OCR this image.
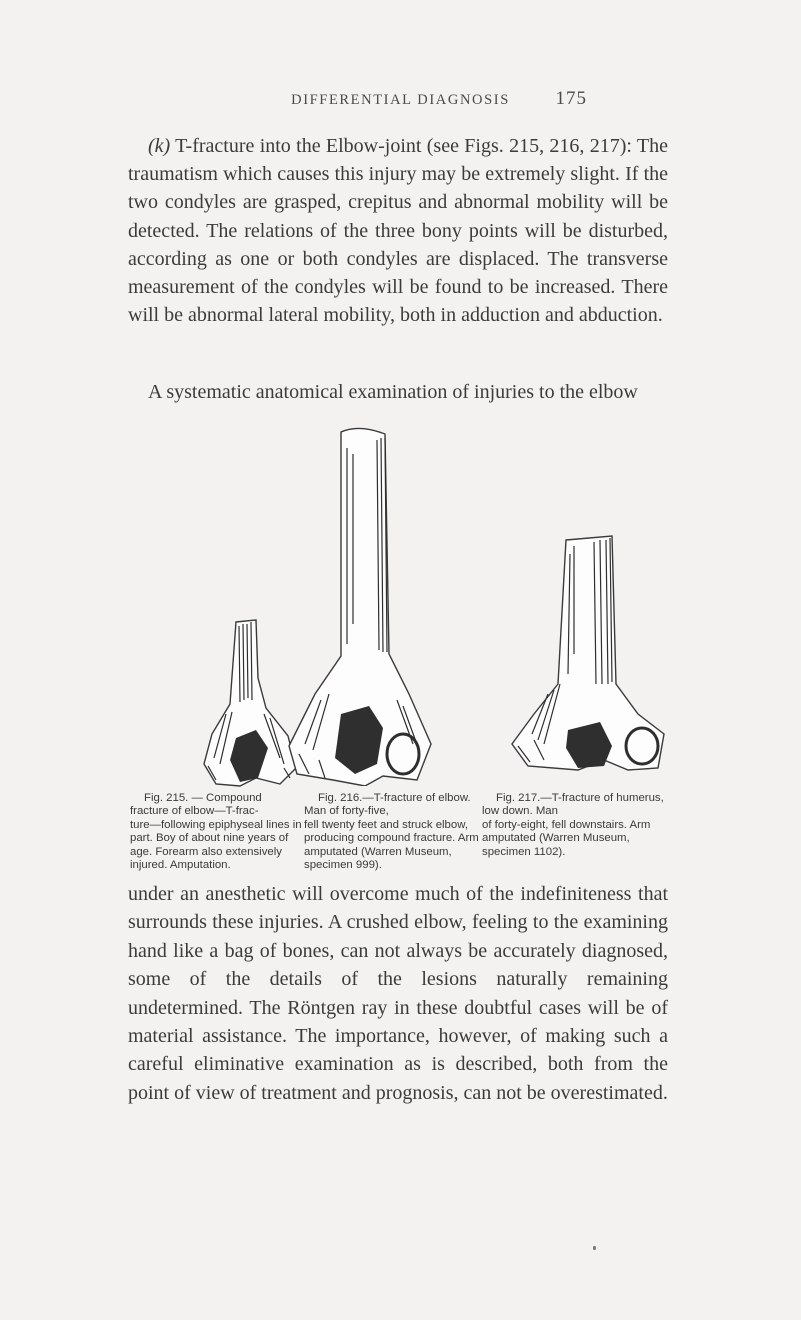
DIFFERENTIAL DIAGNOSIS	175

(k) T-fracture into the Elbow-joint (see Figs. 215, 216, 217): The traumatism which causes this injury may be extremely slight. If the two condyles are grasped, crepitus and abnormal mobility will be detected. The relations of the three bony points will be disturbed, according as one or both condyles are displaced. The transverse measurement of the condyles will be found to be increased. There will be abnormal lateral mobility, both in adduction and abduction.

A systematic anatomical examination of injuries to the elbow

Fig. 215. — Compound fracture of elbow—T-frac-
ture—following epiphyseal lines in part. Boy of about nine years of age. Forearm also extensively injured. Amputation.

Fig. 216.—T-fracture of elbow. Man of forty-five,
fell twenty feet and struck elbow, producing compound fracture. Arm amputated (Warren Museum, specimen 999).

Fig. 217.—T-fracture of humerus, low down. Man
of forty-eight, fell downstairs. Arm amputated (Warren Museum, specimen 1102).

under an anesthetic will overcome much of the indefiniteness that surrounds these injuries. A crushed elbow, feeling to the examining hand like a bag of bones, can not always be accurately diagnosed, some of the details of the lesions naturally remaining undetermined. The Röntgen ray in these doubtful cases will be of material assistance. The importance, however, of making such a careful eliminative examination as is described, both from the point of view of treatment and prognosis, can not be overestimated.
